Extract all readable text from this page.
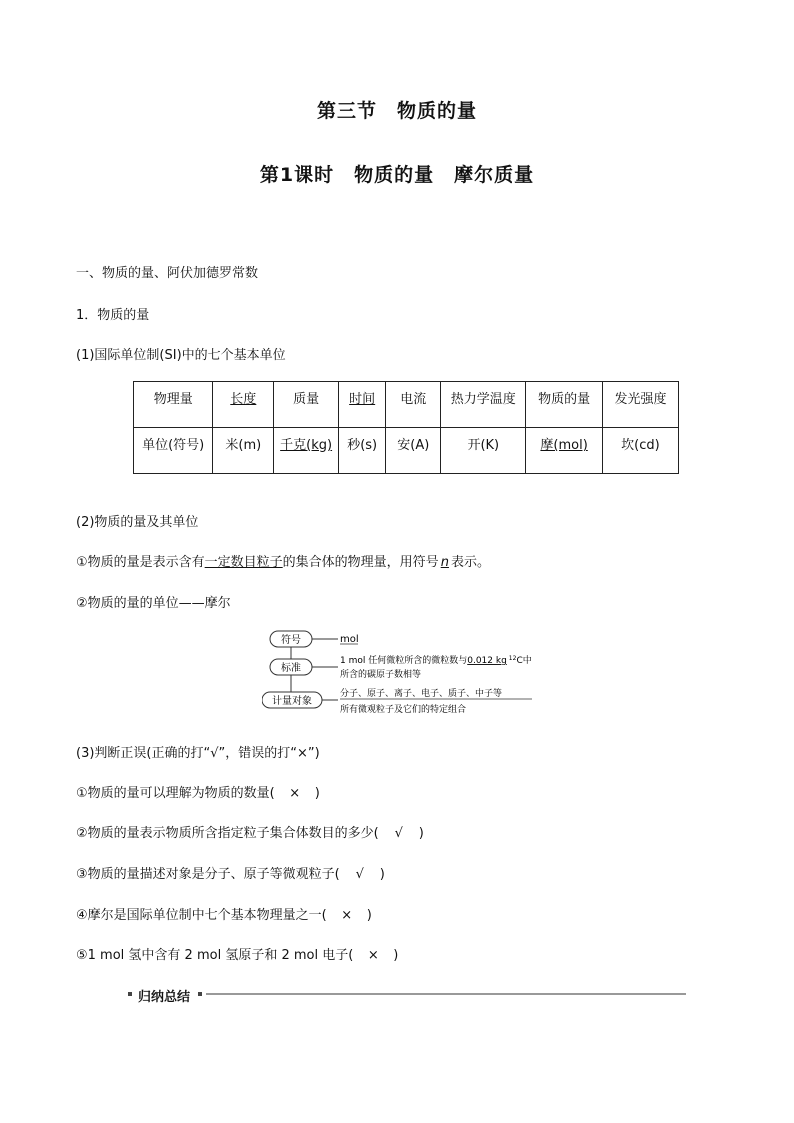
第三节　物质的量
第1课时　物质的量　摩尔质量
一、物质的量、阿伏加德罗常数
1．物质的量
(1)国际单位制(SI)中的七个基本单位
物理量	长度	质量	时间	电流	热力学温度	物质的量	发光强度
单位(符号)	米(m)	千克(kg)	秒(s)	安(A)	开(K)	摩(mol)	坎(cd)
(2)物质的量及其单位
①物质的量是表示含有一定数目粒子的集合体的物理量，用符号 n 表示。
②物质的量的单位——摩尔
符号	mol
标准
1 mol 任何微粒所含的微粒数与0.012 kg $^{12}$C中
所含的碳原子数相等
计量对象
分子、原子、离子、电子、质子、中子等
所有微观粒子及它们的特定组合
(3)判断正误(正确的打“√”，错误的打“×”)
①物质的量可以理解为物质的数量( × )
②物质的量表示物质所含指定粒子集合体数目的多少( √ )
③物质的量描述对象是分子、原子等微观粒子( √ )
④摩尔是国际单位制中七个基本物理量之一( × )
⑤1 mol 氢中含有 2 mol 氢原子和 2 mol 电子( × )
归纳总结
